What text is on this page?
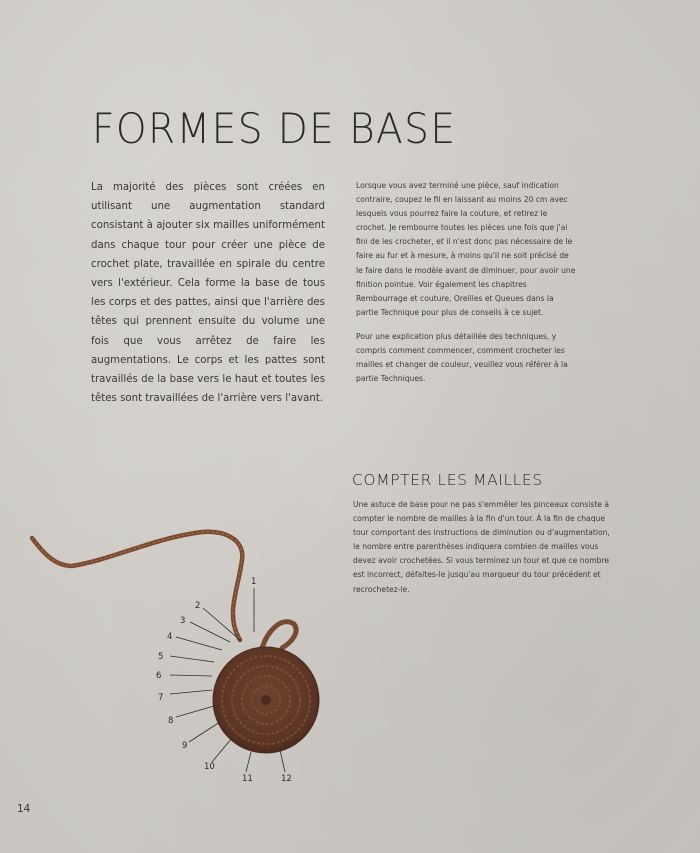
FORMES DE BASE
La majorité des pièces sont créées en utilisant une augmentation standard consistant à ajouter six mailles uniformément dans chaque tour pour créer une pièce de crochet plate, travaillée en spirale du centre vers l'extérieur. Cela forme la base de tous les corps et des pattes, ainsi que l'arrière des têtes qui prennent ensuite du volume une fois que vous arrêtez de faire les augmentations. Le corps et les pattes sont travaillés de la base vers le haut et toutes les têtes sont travaillées de l'arrière vers l'avant.

Lorsque vous avez terminé une pièce, sauf indication contraire, coupez le fil en laissant au moins 20 cm avec lesquels vous pourrez faire la couture, et retirez le crochet. Je rembourre toutes les pièces une fois que j'ai fini de les crocheter, et il n'est donc pas nécessaire de le faire au fur et à mesure, à moins qu'il ne soit précisé de le faire dans le modèle avant de diminuer, pour avoir une finition pointue. Voir également les chapitres Rembourrage et couture, Oreilles et Queues dans la partie Technique pour plus de conseils à ce sujet.

Pour une explication plus détaillée des techniques, y compris comment commencer, comment crocheter les mailles et changer de couleur, veuillez vous référer à la partie Techniques.

COMPTER LES MAILLES
Une astuce de base pour ne pas s'emmêler les pinceaux consiste à compter le nombre de mailles à la fin d'un tour. À la fin de chaque tour comportant des instructions de diminution ou d'augmentation, le nombre entre parenthèses indiquera combien de mailles vous devez avoir crochetées. Si vous terminez un tour et que ce nombre est incorrect, défaites-le jusqu'au marqueur du tour précédent et recrochetez-le.
1
2
3
4
5
6
7
8
9
10
11	12
14
